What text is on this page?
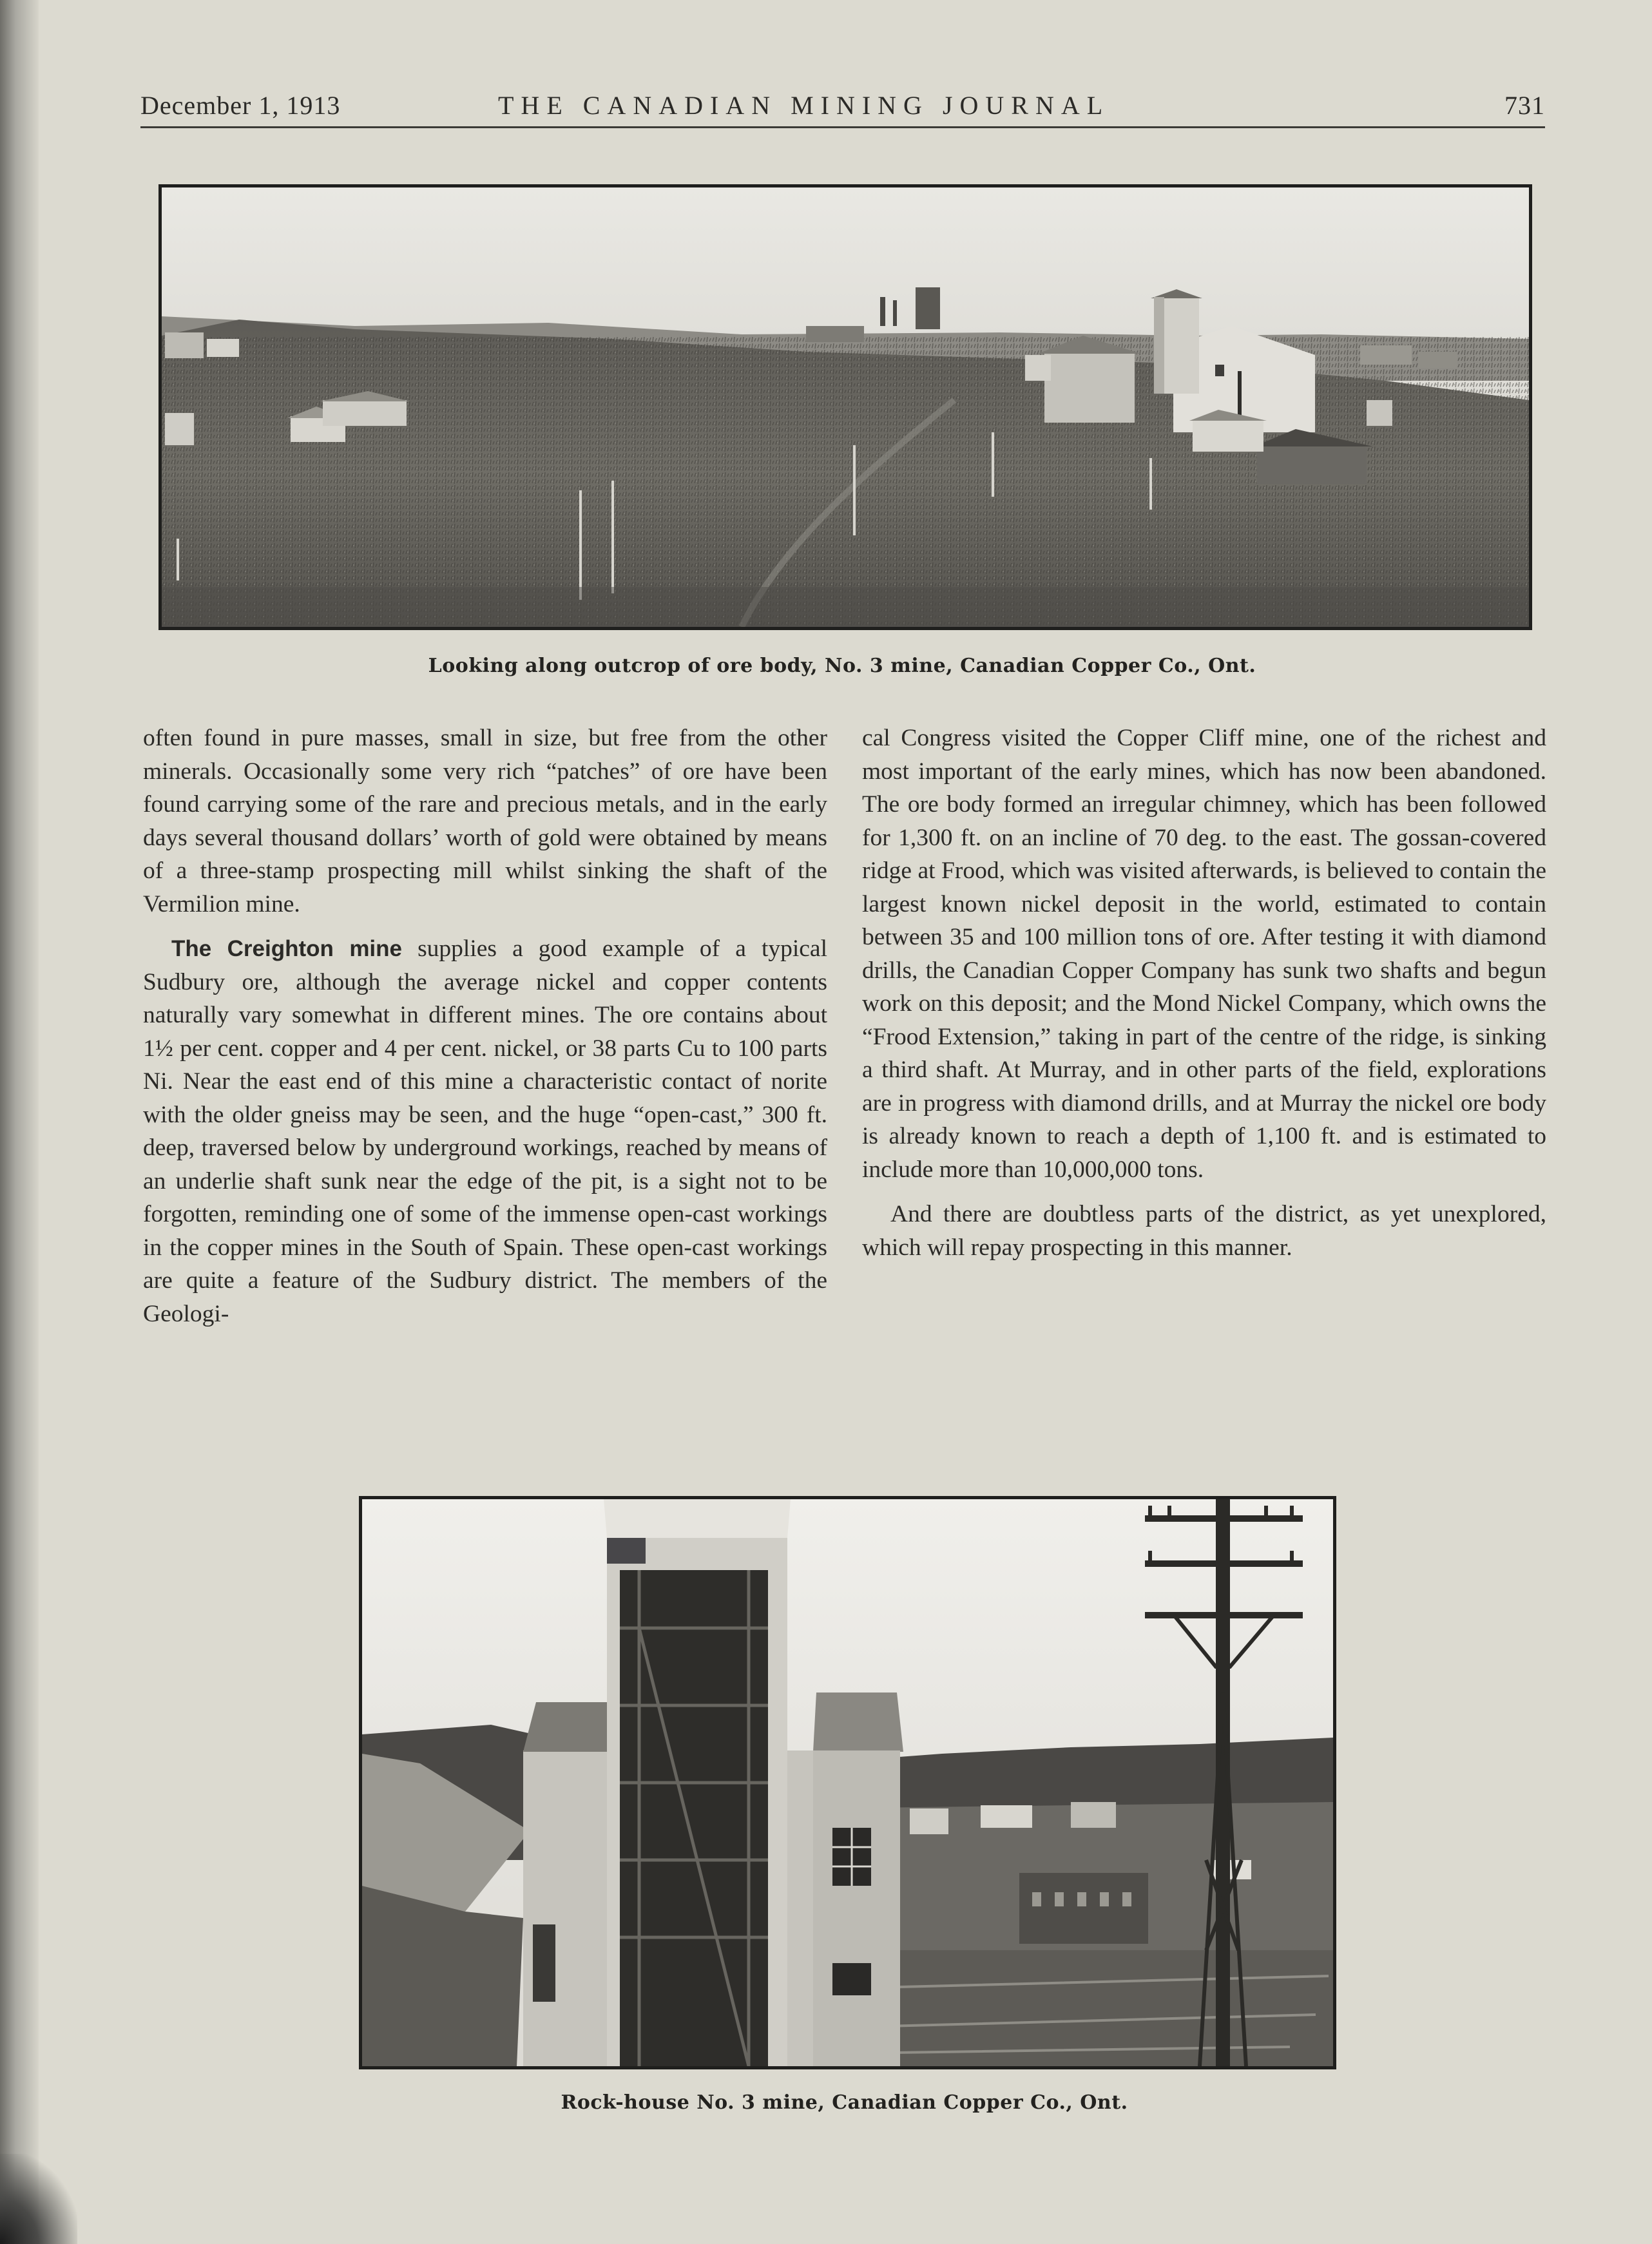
December 1, 1913	THE CANADIAN MINING JOURNAL	731
Looking along outcrop of ore body, No. 3 mine, Canadian Copper Co., Ont.

often found in pure masses, small in size, but free from the other minerals. Occasionally some very rich “patches” of ore have been found carrying some of the rare and precious metals, and in the early days several thousand dollars’ worth of gold were obtained by means of a three-stamp prospecting mill whilst sinking the shaft of the Vermilion mine.

The Creighton mine supplies a good example of a typical Sudbury ore, although the average nickel and copper contents naturally vary somewhat in different mines. The ore contains about 1½ per cent. copper and 4 per cent. nickel, or 38 parts Cu to 100 parts Ni. Near the east end of this mine a characteristic contact of norite with the older gneiss may be seen, and the huge “open-cast,” 300 ft. deep, traversed below by underground workings, reached by means of an underlie shaft sunk near the edge of the pit, is a sight not to be forgotten, reminding one of some of the immense open-cast workings in the copper mines in the South of Spain. These open-cast workings are quite a feature of the Sudbury district. The members of the Geologi-

cal Congress visited the Copper Cliff mine, one of the richest and most important of the early mines, which has now been abandoned. The ore body formed an irregular chimney, which has been followed for 1,300 ft. on an incline of 70 deg. to the east. The gossan-covered ridge at Frood, which was visited afterwards, is believed to contain the largest known nickel deposit in the world, estimated to contain between 35 and 100 million tons of ore. After testing it with diamond drills, the Canadian Copper Company has sunk two shafts and begun work on this deposit; and the Mond Nickel Company, which owns the “Frood Extension,” taking in part of the centre of the ridge, is sinking a third shaft. At Murray, and in other parts of the field, explorations are in progress with diamond drills, and at Murray the nickel ore body is already known to reach a depth of 1,100 ft. and is estimated to include more than 10,000,000 tons.

And there are doubtless parts of the district, as yet unexplored, which will repay prospecting in this manner.

Rock-house No. 3 mine, Canadian Copper Co., Ont.
